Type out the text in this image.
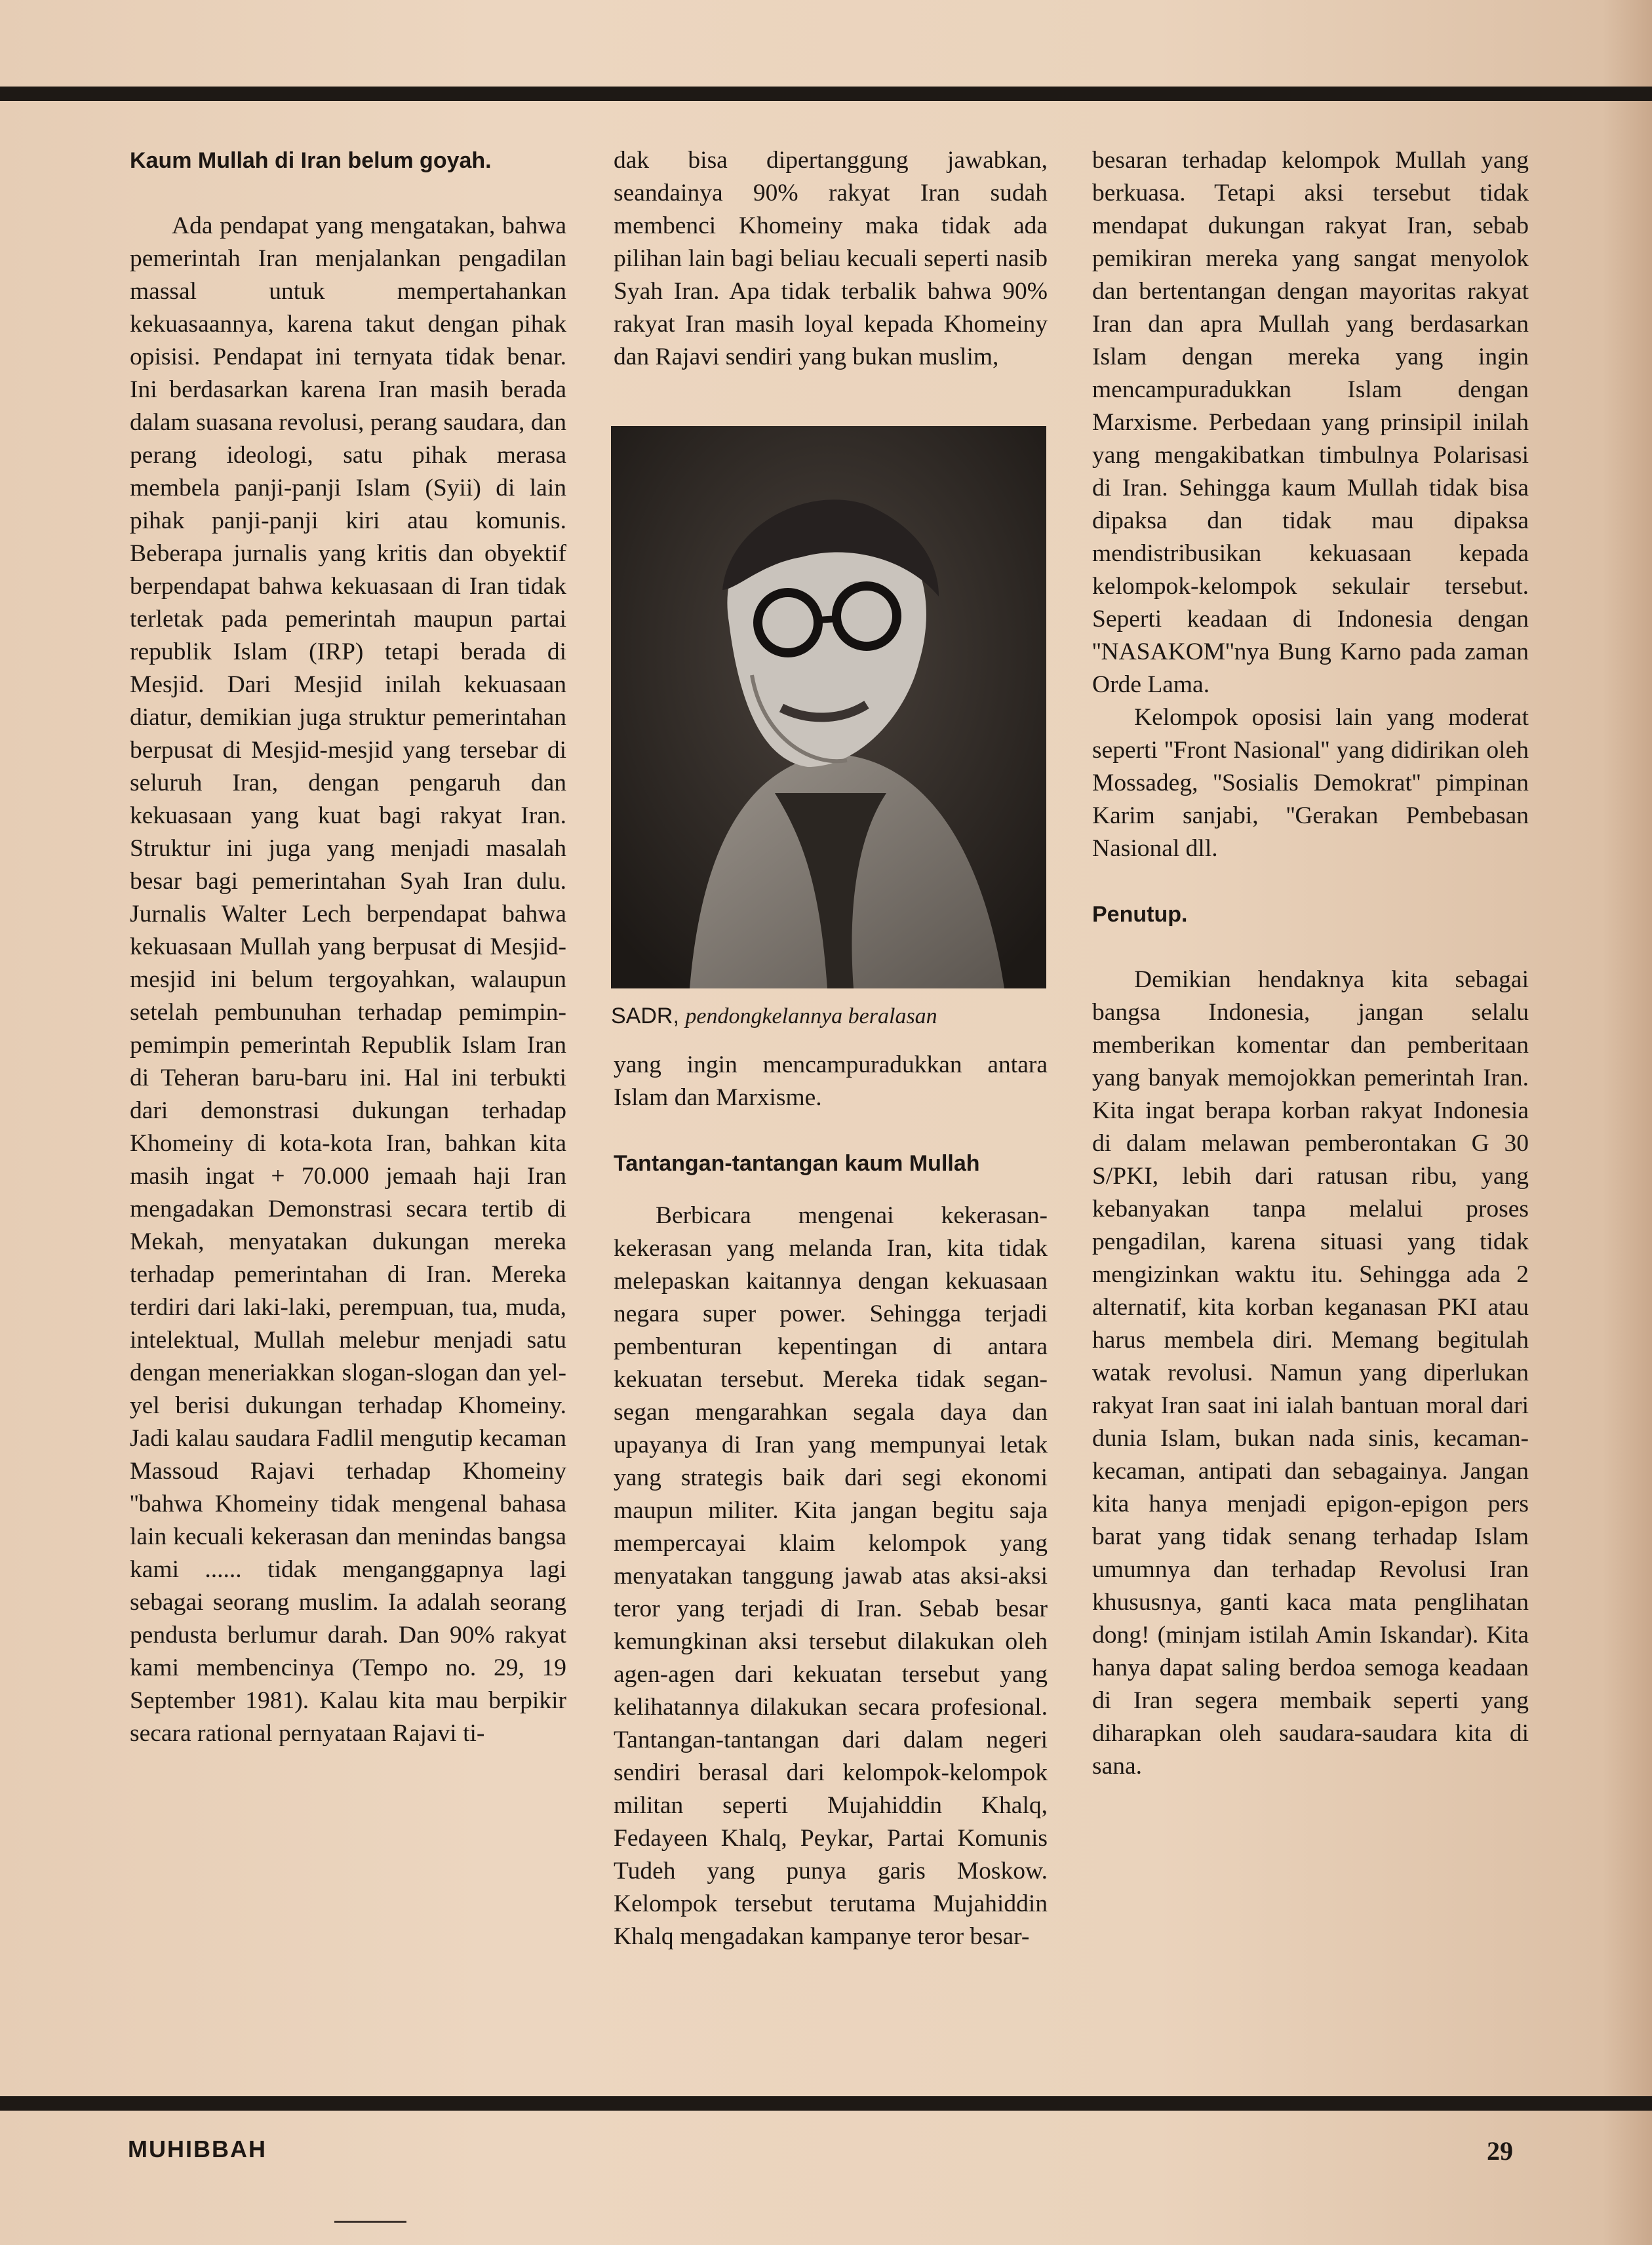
Kaum Mullah di Iran belum goyah.

Ada pendapat yang mengatakan, bahwa pemerintah Iran menjalankan pengadilan massal untuk mempertahankan kekuasaannya, karena takut dengan pihak opisisi. Pendapat ini ternyata tidak benar. Ini berdasarkan karena Iran masih berada dalam suasana revolusi, perang saudara, dan perang ideologi, satu pihak merasa membela panji-panji Islam (Syii) di lain pihak panji-panji kiri atau komunis. Beberapa jurnalis yang kritis dan obyektif berpendapat bahwa kekuasaan di Iran tidak terletak pada pemerintah maupun partai republik Islam (IRP) tetapi berada di Mesjid. Dari Mesjid inilah kekuasaan diatur, demikian juga struktur pemerintahan berpusat di Mesjid-mesjid yang tersebar di seluruh Iran, dengan pengaruh dan kekuasaan yang kuat bagi rakyat Iran. Struktur ini juga yang menjadi masalah besar bagi pemerintahan Syah Iran dulu. Jurnalis Walter Lech berpendapat bahwa kekuasaan Mullah yang berpusat di Mesjid-mesjid ini belum tergoyahkan, walaupun setelah pembunuhan terhadap pemimpin-pemimpin pemerintah Republik Islam Iran di Teheran baru-baru ini. Hal ini terbukti dari demonstrasi dukungan terhadap Khomeiny di kota-kota Iran, bahkan kita masih ingat + 70.000 jemaah haji Iran mengadakan Demonstrasi secara tertib di Mekah, menyatakan dukungan mereka terhadap pemerintahan di Iran. Mereka terdiri dari laki-laki, perempuan, tua, muda, intelektual, Mullah melebur menjadi satu dengan meneriakkan slogan-slogan dan yel-yel berisi dukungan terhadap Khomeiny. Jadi kalau saudara Fadlil mengutip kecaman Massoud Rajavi terhadap Khomeiny ''bahwa Khomeiny tidak mengenal bahasa lain kecuali kekerasan dan menindas bangsa kami ...... tidak menganggapnya lagi sebagai seorang muslim. Ia adalah seorang pendusta berlumur darah. Dan 90% rakyat kami membencinya (Tempo no. 29, 19 September 1981). Kalau kita mau berpikir secara rational pernyataan Rajavi ti-

dak bisa dipertanggung jawabkan, seandainya 90% rakyat Iran sudah membenci Khomeiny maka tidak ada pilihan lain bagi beliau kecuali seperti nasib Syah Iran. Apa tidak terbalik bahwa 90% rakyat Iran masih loyal kepada Khomeiny dan Rajavi sendiri yang bukan muslim,

SADR, pendongkelannya beralasan

yang ingin mencampuradukkan antara Islam dan Marxisme.

Tantangan-tantangan kaum Mullah

Berbicara mengenai kekerasan-kekerasan yang melanda Iran, kita tidak melepaskan kaitannya dengan kekuasaan negara super power. Sehingga terjadi pembenturan kepentingan di antara kekuatan tersebut. Mereka tidak segan-segan mengarahkan segala daya dan upayanya di Iran yang mempunyai letak yang strategis baik dari segi ekonomi maupun militer. Kita jangan begitu saja mempercayai klaim kelompok yang menyatakan tanggung jawab atas aksi-aksi teror yang terjadi di Iran. Sebab besar kemungkinan aksi tersebut dilakukan oleh agen-agen dari kekuatan tersebut yang kelihatannya dilakukan secara profesional. Tantangan-tantangan dari dalam negeri sendiri berasal dari kelompok-kelompok militan seperti Mujahiddin Khalq, Fedayeen Khalq, Peykar, Partai Komunis Tudeh yang punya garis Moskow. Kelompok tersebut terutama Mujahiddin Khalq mengadakan kampanye teror besar-

besaran terhadap kelompok Mullah yang berkuasa. Tetapi aksi tersebut tidak mendapat dukungan rakyat Iran, sebab pemikiran mereka yang sangat menyolok dan bertentangan dengan mayoritas rakyat Iran dan apra Mullah yang berdasarkan Islam dengan mereka yang ingin mencampuradukkan Islam dengan Marxisme. Perbedaan yang prinsipil inilah yang mengakibatkan timbulnya Polarisasi di Iran. Sehingga kaum Mullah tidak bisa dipaksa dan tidak mau dipaksa mendistribusikan kekuasaan kepada kelompok-kelompok sekulair tersebut. Seperti keadaan di Indonesia dengan ''NASAKOM''nya Bung Karno pada zaman Orde Lama.

Kelompok oposisi lain yang moderat seperti ''Front Nasional'' yang didirikan oleh Mossadeg, ''Sosialis Demokrat'' pimpinan Karim sanjabi, ''Gerakan Pembebasan Nasional dll.

Penutup.

Demikian hendaknya kita sebagai bangsa Indonesia, jangan selalu memberikan komentar dan pemberitaan yang banyak memojokkan pemerintah Iran. Kita ingat berapa korban rakyat Indonesia di dalam melawan pemberontakan G 30 S/PKI, lebih dari ratusan ribu, yang kebanyakan tanpa melalui proses pengadilan, karena situasi yang tidak mengizinkan waktu itu. Sehingga ada 2 alternatif, kita korban keganasan PKI atau harus membela diri. Memang begitulah watak revolusi. Namun yang diperlukan rakyat Iran saat ini ialah bantuan moral dari dunia Islam, bukan nada sinis, kecaman-kecaman, antipati dan sebagainya. Jangan kita hanya menjadi epigon-epigon pers barat yang tidak senang terhadap Islam umumnya dan terhadap Revolusi Iran khususnya, ganti kaca mata penglihatan dong! (minjam istilah Amin Iskandar). Kita hanya dapat saling berdoa semoga keadaan di Iran segera membaik seperti yang diharapkan oleh saudara-saudara kita di sana.

MUHIBBAH	29
